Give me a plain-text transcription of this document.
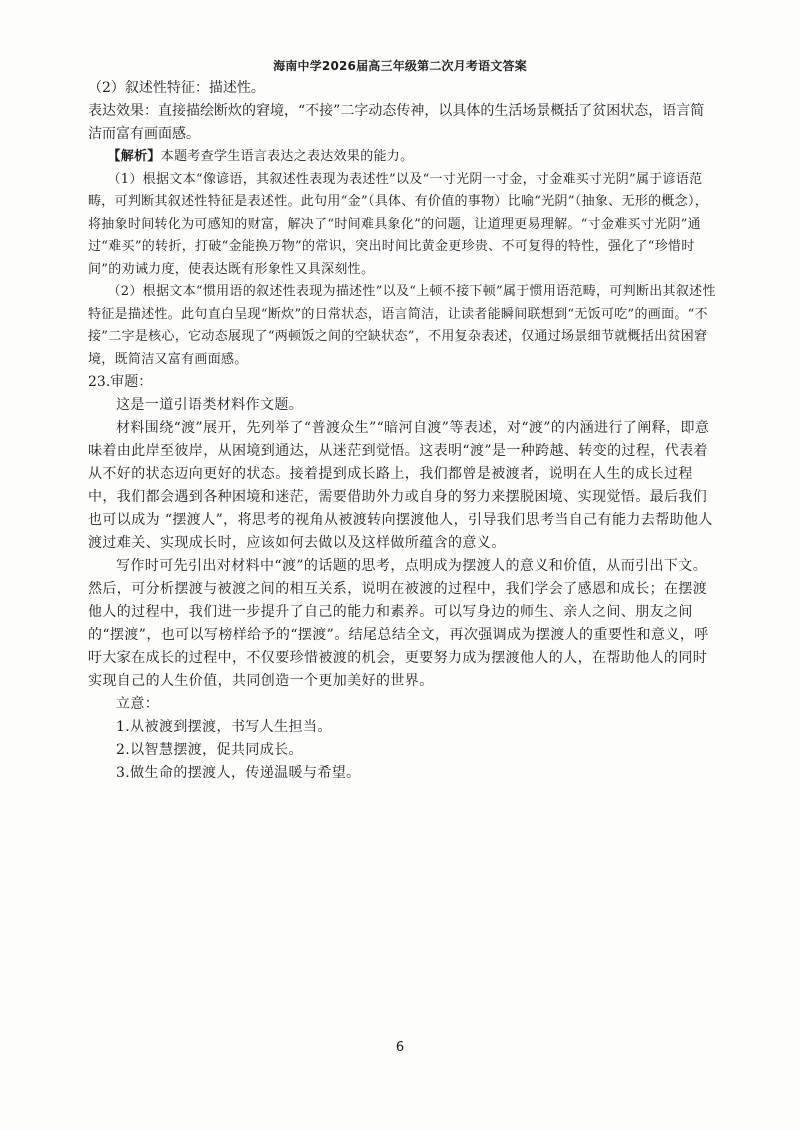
海南中学2026届高三年级第二次月考语文答案

（2）叙述性特征：描述性。

表达效果：直接描绘断炊的窘境，“不接”二字动态传神，以具体的生活场景概括了贫困状态，语言简洁而富有画面感。

【解析】本题考查学生语言表达之表达效果的能力。

（1）根据文本“像谚语，其叙述性表现为表述性”以及“一寸光阴一寸金，寸金难买寸光阴”属于谚语范畴，可判断其叙述性特征是表述性。此句用“金”（具体、有价值的事物）比喻“光阴”（抽象、无形的概念），将抽象时间转化为可感知的财富，解决了“时间难具象化”的问题，让道理更易理解。“寸金难买寸光阴”通过“难买”的转折，打破“金能换万物”的常识，突出时间比黄金更珍贵、不可复得的特性，强化了“珍惜时间”的劝诫力度，使表达既有形象性又具深刻性。

（2）根据文本“惯用语的叙述性表现为描述性”以及“上顿不接下顿”属于惯用语范畴，可判断出其叙述性特征是描述性。此句直白呈现“断炊”的日常状态，语言简洁，让读者能瞬间联想到“无饭可吃”的画面。“不接”二字是核心，它动态展现了“两顿饭之间的空缺状态”，不用复杂表述，仅通过场景细节就概括出贫困窘境，既简洁又富有画面感。

23.审题：

这是一道引语类材料作文题。

材料围绕“渡”展开，先列举了“普渡众生”“暗河自渡”等表述，对“渡”的内涵进行了阐释，即意味着由此岸至彼岸，从困境到通达，从迷茫到觉悟。这表明“渡”是一种跨越、转变的过程，代表着从不好的状态迈向更好的状态。接着提到成长路上，我们都曾是被渡者，说明在人生的成长过程中，我们都会遇到各种困境和迷茫，需要借助外力或自身的努力来摆脱困境、实现觉悟。最后我们也可以成为 “摆渡人”，将思考的视角从被渡转向摆渡他人，引导我们思考当自己有能力去帮助他人渡过难关、实现成长时，应该如何去做以及这样做所蕴含的意义。

写作时可先引出对材料中“渡”的话题的思考，点明成为摆渡人的意义和价值，从而引出下文。然后，可分析摆渡与被渡之间的相互关系，说明在被渡的过程中，我们学会了感恩和成长；在摆渡他人的过程中，我们进一步提升了自己的能力和素养。可以写身边的师生、亲人之间、朋友之间的“摆渡”，也可以写榜样给予的“摆渡”。结尾总结全文，再次强调成为摆渡人的重要性和意义，呼吁大家在成长的过程中，不仅要珍惜被渡的机会，更要努力成为摆渡他人的人，在帮助他人的同时实现自己的人生价值，共同创造一个更加美好的世界。

立意：

1.从被渡到摆渡，书写人生担当。

2.以智慧摆渡，促共同成长。

3.做生命的摆渡人，传递温暖与希望。

6
